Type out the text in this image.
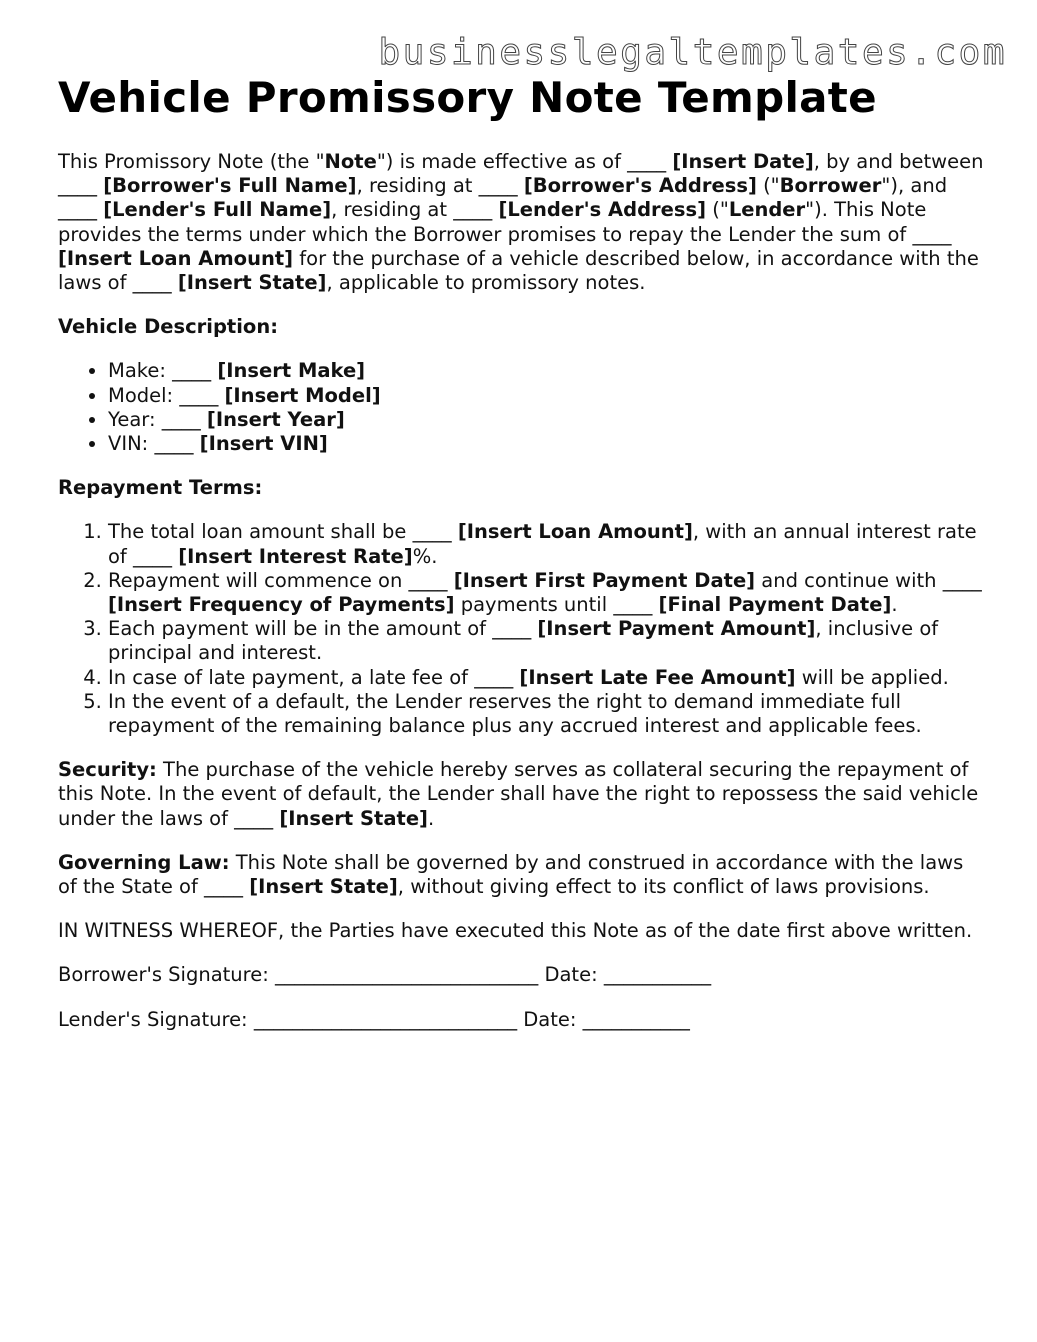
businesslegaltemplates.com
Vehicle Promissory Note Template

This Promissory Note (the "Note") is made effective as of ____ [Insert Date], by and between ____ [Borrower's Full Name], residing at ____ [Borrower's Address] ("Borrower"), and ____ [Lender's Full Name], residing at ____ [Lender's Address] ("Lender"). This Note provides the terms under which the Borrower promises to repay the Lender the sum of ____ [Insert Loan Amount] for the purchase of a vehicle described below, in accordance with the laws of ____ [Insert State], applicable to promissory notes.

Vehicle Description:

• Make: ____ [Insert Make]
• Model: ____ [Insert Model]
• Year: ____ [Insert Year]
• VIN: ____ [Insert VIN]

Repayment Terms:

1. The total loan amount shall be ____ [Insert Loan Amount], with an annual interest rate of ____ [Insert Interest Rate]%.
2. Repayment will commence on ____ [Insert First Payment Date] and continue with ____ [Insert Frequency of Payments] payments until ____ [Final Payment Date].
3. Each payment will be in the amount of ____ [Insert Payment Amount], inclusive of principal and interest.
4. In case of late payment, a late fee of ____ [Insert Late Fee Amount] will be applied.
5. In the event of a default, the Lender reserves the right to demand immediate full repayment of the remaining balance plus any accrued interest and applicable fees.

Security: The purchase of the vehicle hereby serves as collateral securing the repayment of this Note. In the event of default, the Lender shall have the right to repossess the said vehicle under the laws of ____ [Insert State].

Governing Law: This Note shall be governed by and construed in accordance with the laws of the State of ____ [Insert State], without giving effect to its conflict of laws provisions.

IN WITNESS WHEREOF, the Parties have executed this Note as of the date first above written.

Borrower's Signature: ___________________________ Date: ___________

Lender's Signature: ___________________________ Date: ___________
